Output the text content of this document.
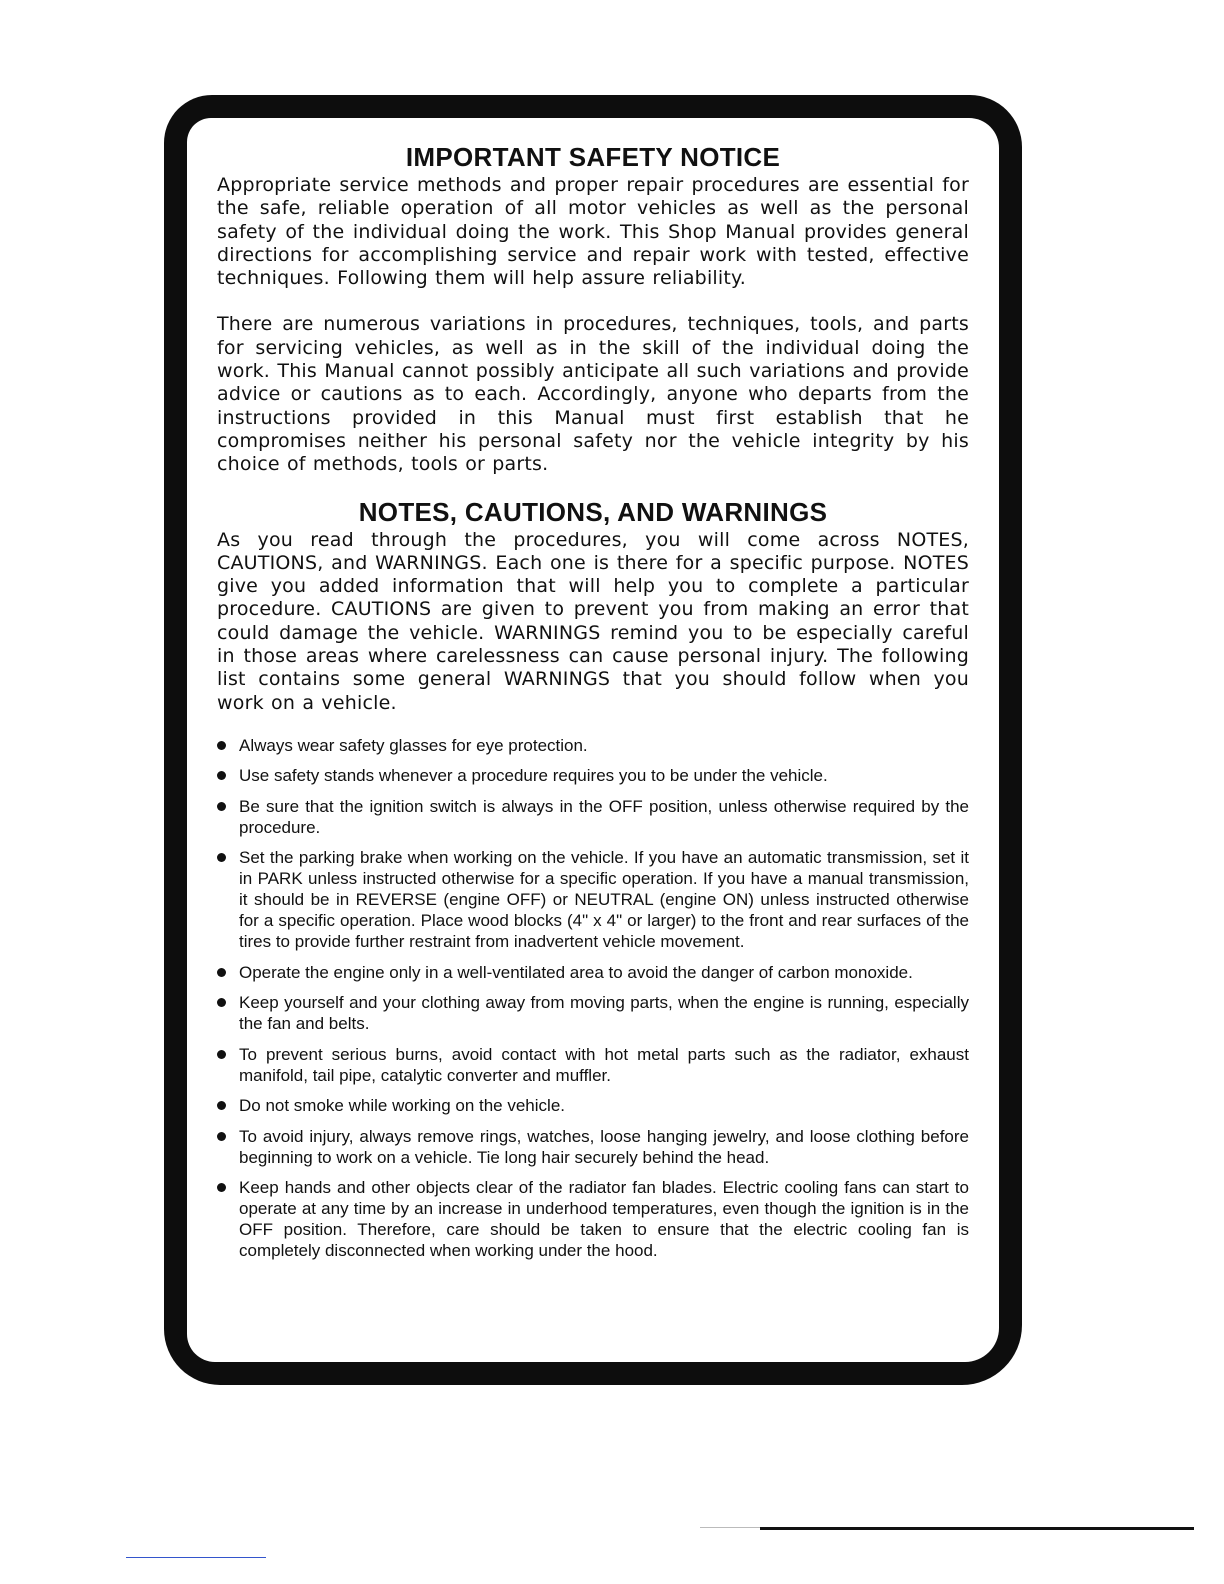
IMPORTANT SAFETY NOTICE

Appropriate service methods and proper repair procedures are essential for the safe, reliable operation of all motor vehicles as well as the personal safety of the individual doing the work. This Shop Manual provides general directions for accomplishing service and repair work with tested, effective techniques. Following them will help assure reliability.

There are numerous variations in procedures, techniques, tools, and parts for servicing vehicles, as well as in the skill of the individual doing the work. This Manual cannot possibly anticipate all such variations and provide advice or cautions as to each. Accordingly, anyone who departs from the instructions provided in this Manual must first establish that he compromises neither his personal safety nor the vehicle integrity by his choice of methods, tools or parts.

NOTES, CAUTIONS, AND WARNINGS

As you read through the procedures, you will come across NOTES, CAUTIONS, and WARNINGS. Each one is there for a specific purpose. NOTES give you added information that will help you to complete a particular procedure. CAUTIONS are given to prevent you from making an error that could damage the vehicle. WARNINGS remind you to be especially careful in those areas where carelessness can cause personal injury. The following list contains some general WARNINGS that you should follow when you work on a vehicle.

Always wear safety glasses for eye protection.
Use safety stands whenever a procedure requires you to be under the vehicle.
Be sure that the ignition switch is always in the OFF position, unless otherwise required by the procedure.
Set the parking brake when working on the vehicle. If you have an automatic transmission, set it in PARK unless instructed otherwise for a specific operation. If you have a manual transmission, it should be in REVERSE (engine OFF) or NEUTRAL (engine ON) unless instructed otherwise for a specific operation. Place wood blocks (4" x 4" or larger) to the front and rear surfaces of the tires to provide further restraint from inadvertent vehicle movement.
Operate the engine only in a well-ventilated area to avoid the danger of carbon monoxide.
Keep yourself and your clothing away from moving parts, when the engine is running, especially the fan and belts.
To prevent serious burns, avoid contact with hot metal parts such as the radiator, exhaust manifold, tail pipe, catalytic converter and muffler.
Do not smoke while working on the vehicle.
To avoid injury, always remove rings, watches, loose hanging jewelry, and loose clothing before beginning to work on a vehicle. Tie long hair securely behind the head.
Keep hands and other objects clear of the radiator fan blades. Electric cooling fans can start to operate at any time by an increase in underhood temperatures, even though the ignition is in the OFF position. Therefore, care should be taken to ensure that the electric cooling fan is completely disconnected when working under the hood.
